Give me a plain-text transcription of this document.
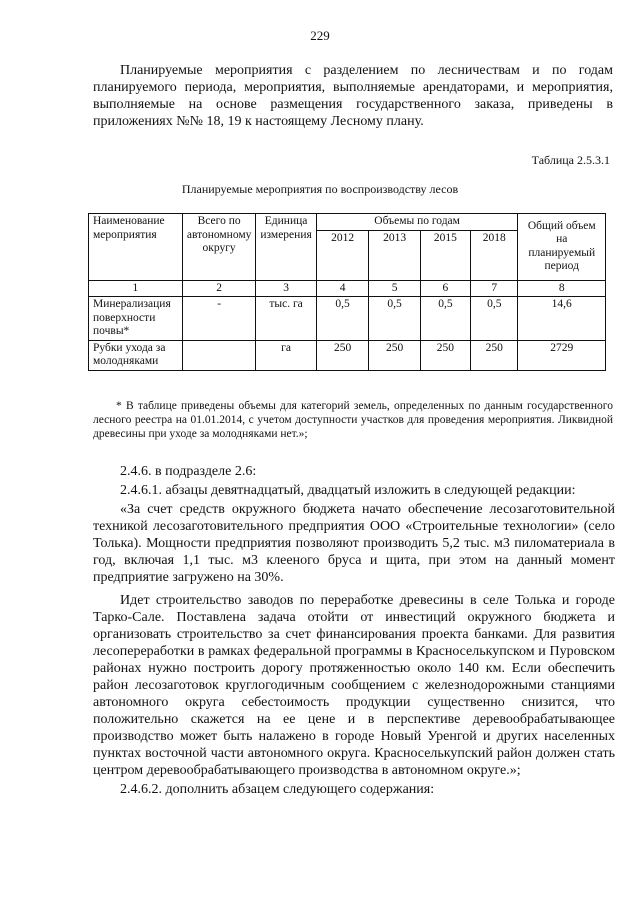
229

Планируемые мероприятия с разделением по лесничествам и по годам планируемого периода, мероприятия, выполняемые арендаторами, и мероприятия, выполняемые на основе размещения государственного заказа, приведены в приложениях №№ 18, 19 к настоящему Лесному плану.

Таблица 2.5.3.1
Планируемые мероприятия по воспроизводству лесов
Наименование мероприятия	Всего по автономному округу	Единица измерения	Объемы по годам				Общий объем на планируемый период
			2012	2013	2015	2018	
1	2	3	4	5	6	7	8
Минерализация поверхности почвы*	-	тыс. га	0,5	0,5	0,5	0,5	14,6
Рубки ухода за молодняками		га	250	250	250	250	2729

* В таблице приведены объемы для категорий земель, определенных по данным государственного лесного реестра на 01.01.2014, с учетом доступности участков для проведения мероприятия. Ликвидной древесины при уходе за молодняками нет.»;

2.4.6. в подразделе 2.6:

2.4.6.1. абзацы девятнадцатый, двадцатый изложить в следующей редакции:

«За счет средств окружного бюджета начато обеспечение лесозаготовительной техникой лесозаготовительного предприятия ООО «Строительные технологии» (село Толька). Мощности предприятия позволяют производить 5,2 тыс. м3 пиломатериала в год, включая 1,1 тыс. м3 клееного бруса и щита, при этом на данный момент предприятие загружено на 30%.

Идет строительство заводов по переработке древесины в селе Толька и городе Тарко-Сале. Поставлена задача отойти от инвестиций окружного бюджета и организовать строительство за счет финансирования проекта банками. Для развития лесопереработки в рамках федеральной программы в Красноселькупском и Пуровском районах нужно построить дорогу протяженностью около 140 км. Если обеспечить район лесозаготовок круглогодичным сообщением с железнодорожными станциями автономного округа себестоимость продукции существенно снизится, что положительно скажется на ее цене и в перспективе деревообрабатывающее производство может быть налажено в городе Новый Уренгой и других населенных пунктах восточной части автономного округа. Красноселькупский район должен стать центром деревообрабатывающего производства в автономном округе.»;

2.4.6.2. дополнить абзацем следующего содержания:
